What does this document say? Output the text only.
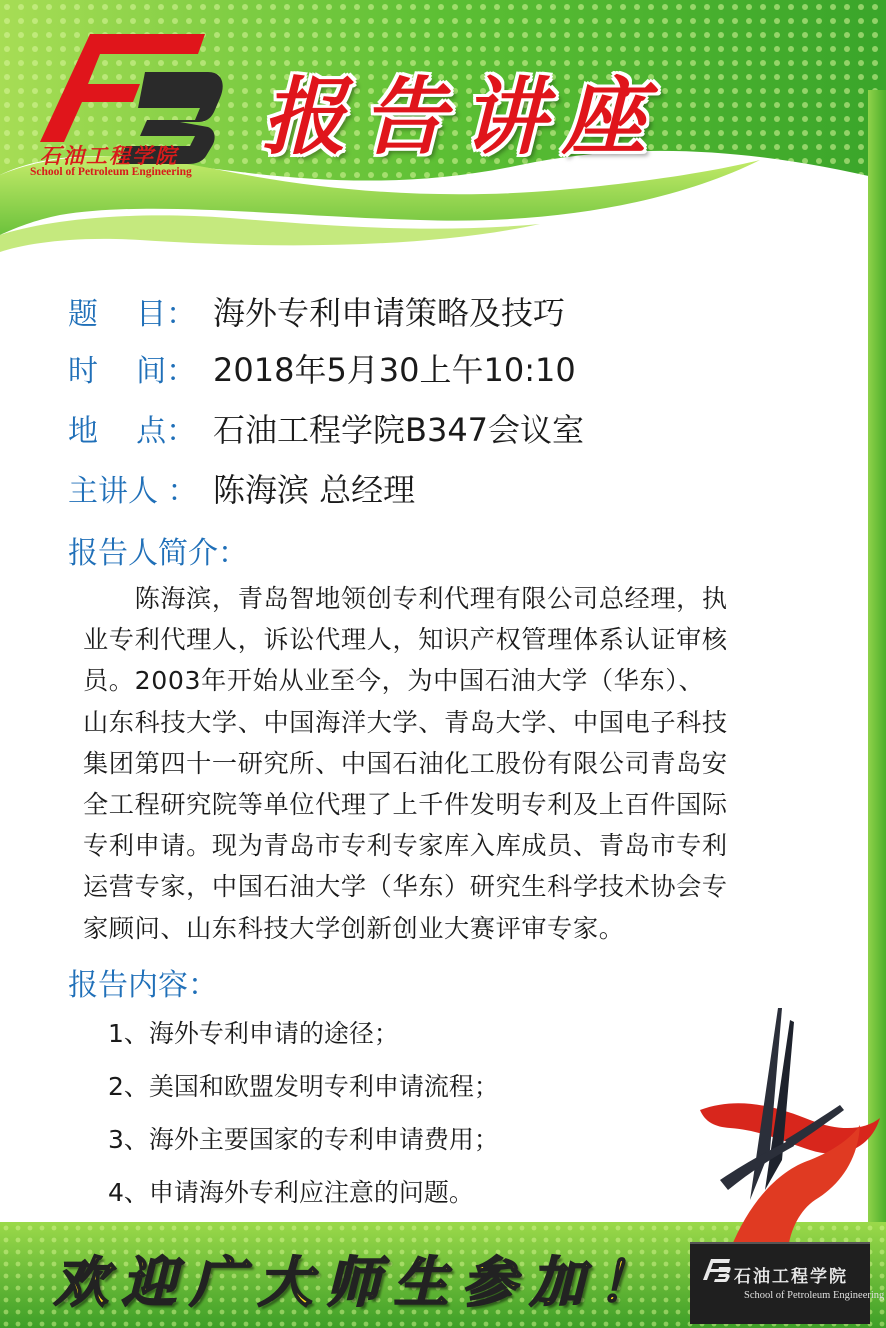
石油工程学院
School of Petroleum Engineering
报告讲座
题    目： 海外专利申请策略及技巧
时    间： 2018年5月30上午10:10
地    点： 石油工程学院B347会议室
主讲人 ： 陈海滨 总经理
报告人简介：
　　陈海滨，青岛智地领创专利代理有限公司总经理，执
业专利代理人，诉讼代理人，知识产权管理体系认证审核
员。2003年开始从业至今，为中国石油大学（华东）、
山东科技大学、中国海洋大学、青岛大学、中国电子科技
集团第四十一研究所、中国石油化工股份有限公司青岛安
全工程研究院等单位代理了上千件发明专利及上百件国际
专利申请。现为青岛市专利专家库入库成员、青岛市专利
运营专家，中国石油大学（华东）研究生科学技术协会专
家顾问、山东科技大学创新创业大赛评审专家。
报告内容：
1、海外专利申请的途径；
2、美国和欧盟发明专利申请流程；
3、海外主要国家的专利申请费用；
4、申请海外专利应注意的问题。
石油工程学院
School of Petroleum Engineering
欢迎广大师生参加！
